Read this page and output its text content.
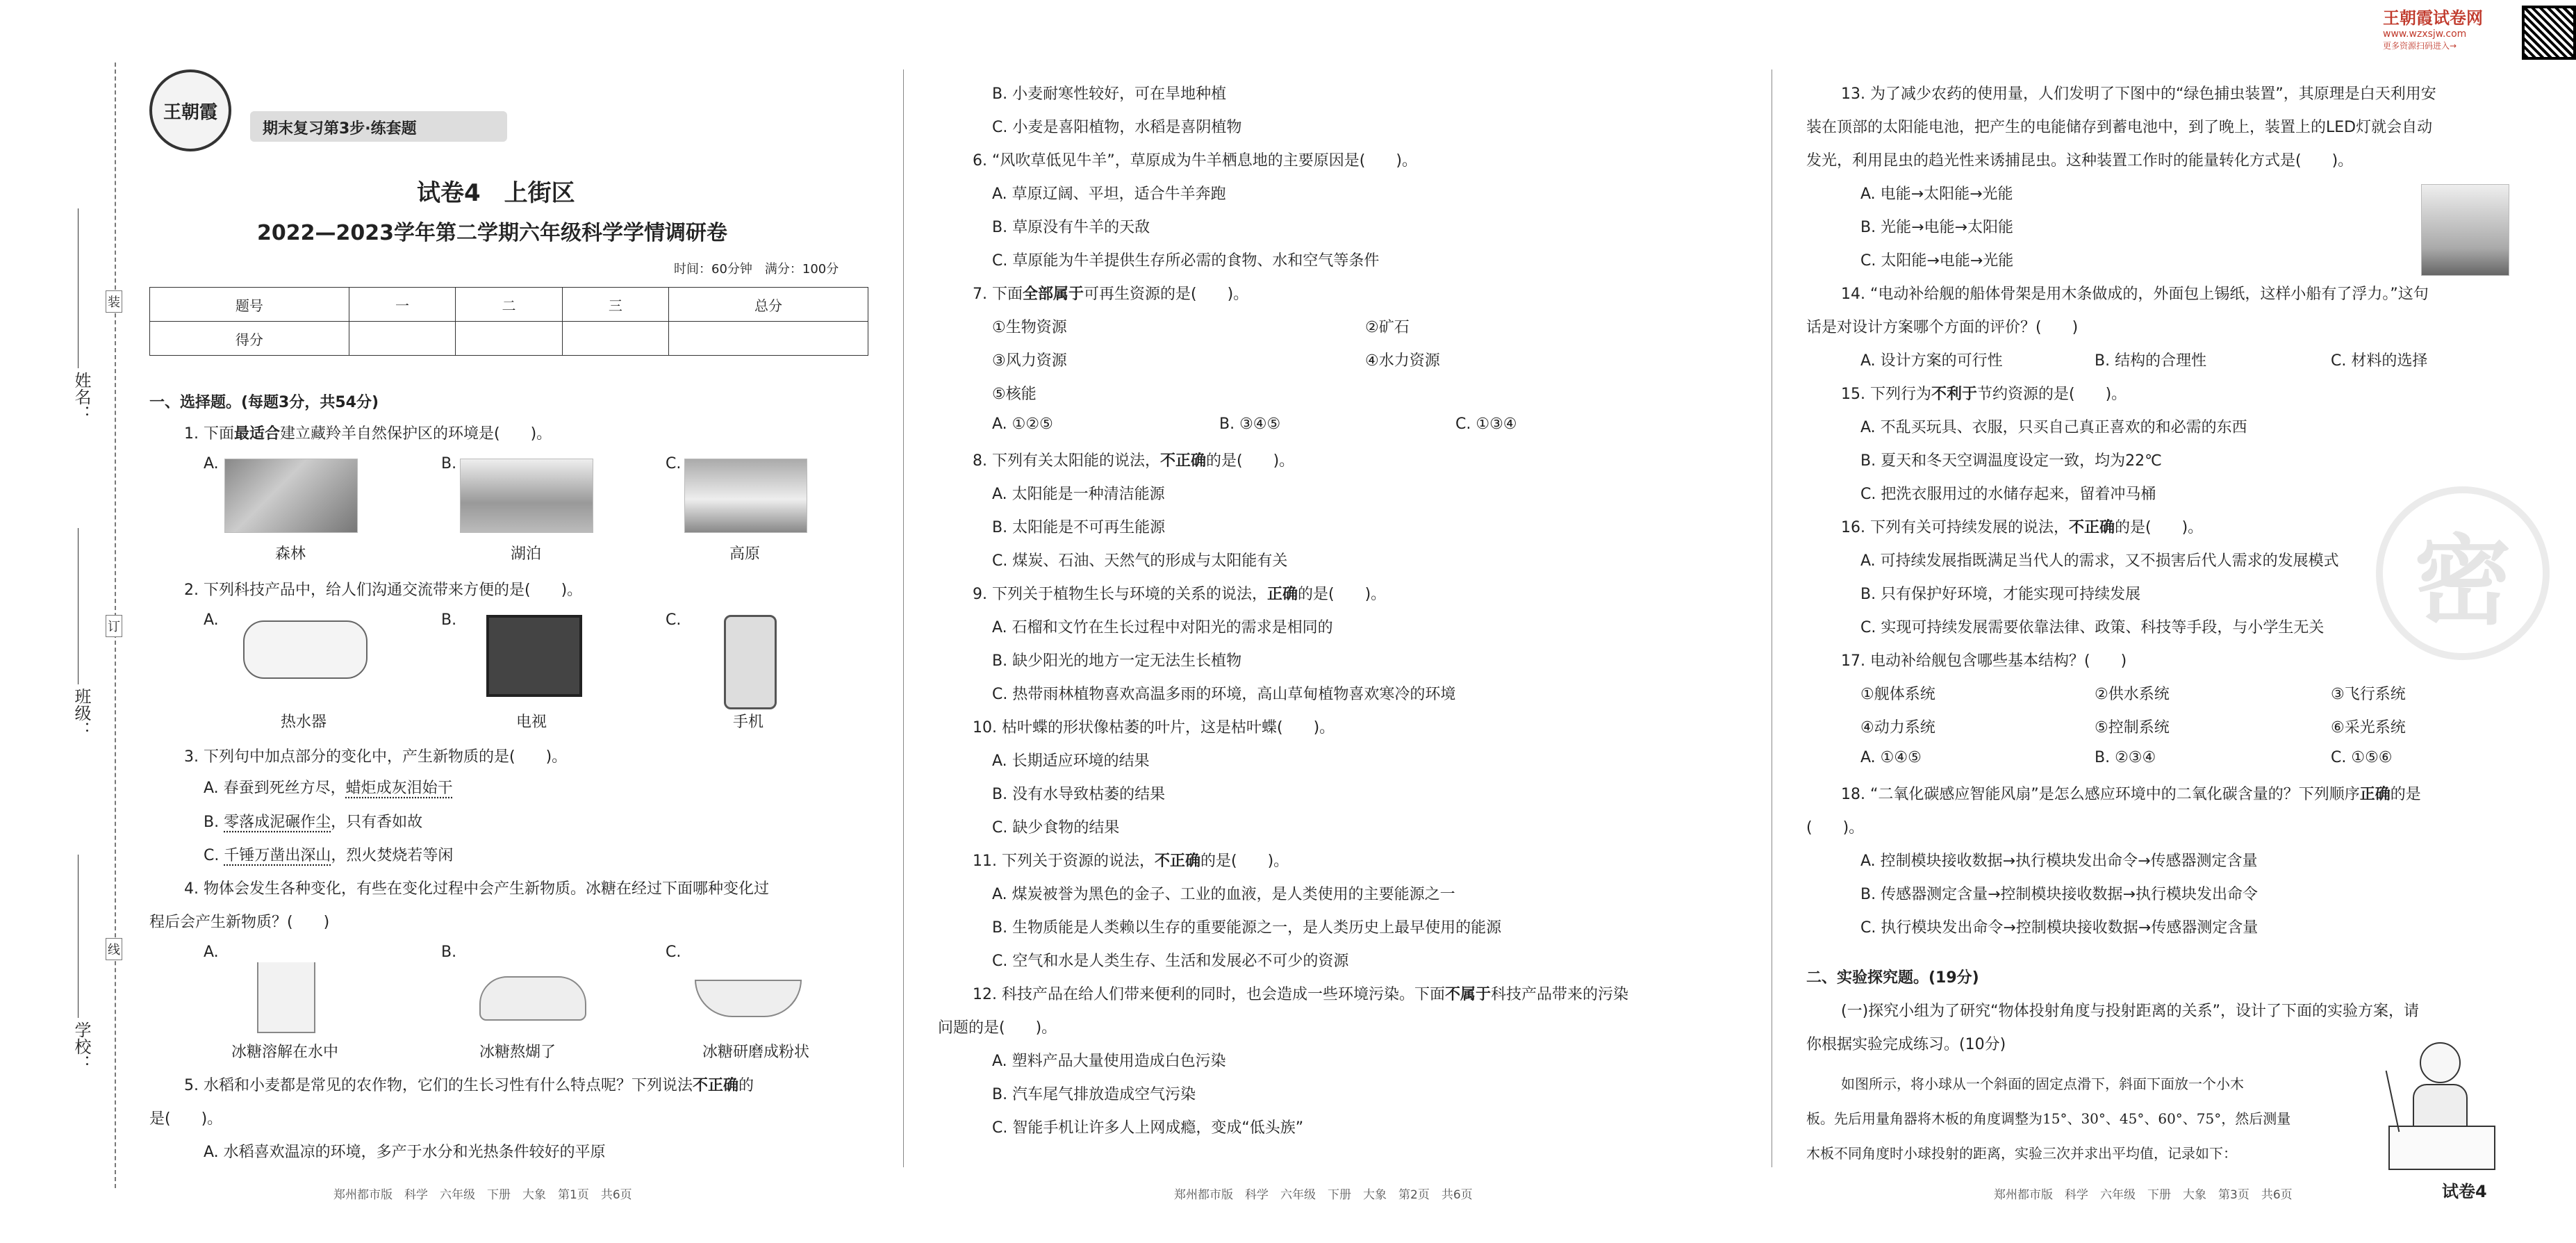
装
订
线
姓名：
班级：
学校：
王朝霞
期末复习第3步·练套题
试卷4　上街区
2022—2023学年第二学期六年级科学学情调研卷
时间：60分钟　满分：100分
题号	一	二	三	总分
得分				
一、选择题。(每题3分，共54分)
1. 下面最适合建立藏羚羊自然保护区的环境是(　　)。
A.
森林
B.
湖泊
C.
高原
2. 下列科技产品中，给人们沟通交流带来方便的是(　　)。
A.
热水器
B.
电视
C.
手机
3. 下列句中加点部分的变化中，产生新物质的是(　　)。
A. 春蚕到死丝方尽，蜡炬成灰泪始干
B. 零落成泥碾作尘，只有香如故
C. 千锤万凿出深山，烈火焚烧若等闲
4. 物体会发生各种变化，有些在变化过程中会产生新物质。冰糖在经过下面哪种变化过
程后会产生新物质？(　　)
A.
冰糖溶解在水中
B.
冰糖熬煳了
C.
冰糖研磨成粉状
5. 水稻和小麦都是常见的农作物，它们的生长习性有什么特点呢？下列说法不正确的
是(　　)。
A. 水稻喜欢温凉的环境，多产于水分和光热条件较好的平原
郑州都市版　科学　六年级　下册　大象　第1页　共6页
B. 小麦耐寒性较好，可在旱地种植
C. 小麦是喜阳植物，水稻是喜阴植物
6. “风吹草低见牛羊”，草原成为牛羊栖息地的主要原因是(　　)。
A. 草原辽阔、平坦，适合牛羊奔跑
B. 草原没有牛羊的天敌
C. 草原能为牛羊提供生存所必需的食物、水和空气等条件
7. 下面全部属于可再生资源的是(　　)。
①生物资源	②矿石
③风力资源	④水力资源
⑤核能
A. ①②⑤	B. ③④⑤	C. ①③④
8. 下列有关太阳能的说法，不正确的是(　　)。
A. 太阳能是一种清洁能源
B. 太阳能是不可再生能源
C. 煤炭、石油、天然气的形成与太阳能有关
9. 下列关于植物生长与环境的关系的说法，正确的是(　　)。
A. 石榴和文竹在生长过程中对阳光的需求是相同的
B. 缺少阳光的地方一定无法生长植物
C. 热带雨林植物喜欢高温多雨的环境，高山草甸植物喜欢寒冷的环境
10. 枯叶蝶的形状像枯萎的叶片，这是枯叶蝶(　　)。
A. 长期适应环境的结果
B. 没有水导致枯萎的结果
C. 缺少食物的结果
11. 下列关于资源的说法，不正确的是(　　)。
A. 煤炭被誉为黑色的金子、工业的血液，是人类使用的主要能源之一
B. 生物质能是人类赖以生存的重要能源之一，是人类历史上最早使用的能源
C. 空气和水是人类生存、生活和发展必不可少的资源
12. 科技产品在给人们带来便利的同时，也会造成一些环境污染。下面不属于科技产品带来的污染
问题的是(　　)。
A. 塑料产品大量使用造成白色污染
B. 汽车尾气排放造成空气污染
C. 智能手机让许多人上网成瘾，变成“低头族”
郑州都市版　科学　六年级　下册　大象　第2页　共6页
王朝霞试卷网
www.wzxsjw.com
更多资源扫码进入→
13. 为了减少农药的使用量，人们发明了下图中的“绿色捕虫装置”，其原理是白天利用安
装在顶部的太阳能电池，把产生的电能储存到蓄电池中，到了晚上，装置上的LED灯就会自动
发光，利用昆虫的趋光性来诱捕昆虫。这种装置工作时的能量转化方式是(　　)。
A. 电能→太阳能→光能
B. 光能→电能→太阳能
C. 太阳能→电能→光能
14. “电动补给舰的船体骨架是用木条做成的，外面包上锡纸，这样小船有了浮力。”这句
话是对设计方案哪个方面的评价？(　　)
A. 设计方案的可行性	B. 结构的合理性	C. 材料的选择
15. 下列行为不利于节约资源的是(　　)。
A. 不乱买玩具、衣服，只买自己真正喜欢的和必需的东西
B. 夏天和冬天空调温度设定一致，均为22℃
C. 把洗衣服用过的水储存起来，留着冲马桶
16. 下列有关可持续发展的说法，不正确的是(　　)。
A. 可持续发展指既满足当代人的需求，又不损害后代人需求的发展模式
B. 只有保护好环境，才能实现可持续发展
C. 实现可持续发展需要依靠法律、政策、科技等手段，与小学生无关
17. 电动补给舰包含哪些基本结构？(　　)
①舰体系统	②供水系统	③飞行系统
④动力系统	⑤控制系统	⑥采光系统
A. ①④⑤	B. ②③④	C. ①⑤⑥
18. “二氧化碳感应智能风扇”是怎么感应环境中的二氧化碳含量的？下列顺序正确的是
(　　)。
A. 控制模块接收数据→执行模块发出命令→传感器测定含量
B. 传感器测定含量→控制模块接收数据→执行模块发出命令
C. 执行模块发出命令→控制模块接收数据→传感器测定含量
二、实验探究题。(19分)
(一)探究小组为了研究“物体投射角度与投射距离的关系”，设计了下面的实验方案，请
你根据实验完成练习。(10分)
如图所示，将小球从一个斜面的固定点滑下，斜面下面放一个小木
板。先后用量角器将木板的角度调整为15°、30°、45°、60°、75°，然后测量
木板不同角度时小球投射的距离，实验三次并求出平均值，记录如下：
密
郑州都市版　科学　六年级　下册　大象　第3页　共6页	试卷4
